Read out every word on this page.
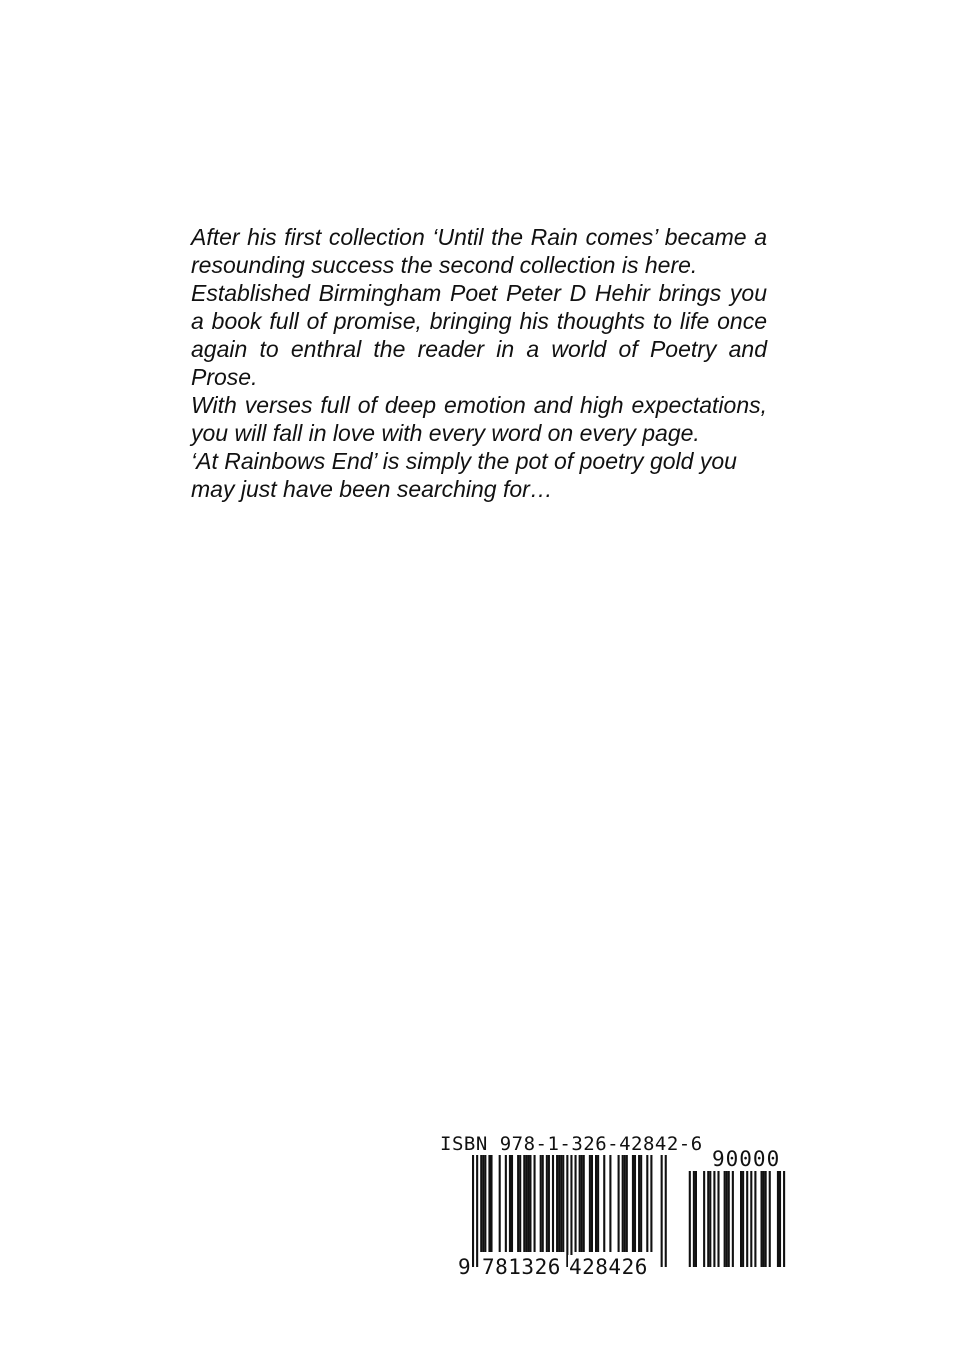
After his first collection ‘Until the Rain comes’ became a resounding success the second collection is here.

Established Birmingham Poet Peter D Hehir brings you a book full of promise, bringing his thoughts to life once again to enthral the reader in a world of Poetry and Prose.

With verses full of deep emotion and high expectations, you will fall in love with every word on every page.

‘At Rainbows End’ is simply the pot of poetry gold you may just have been searching for…

ISBN 978-1-326-42842-6
90000
9 781326 428426
